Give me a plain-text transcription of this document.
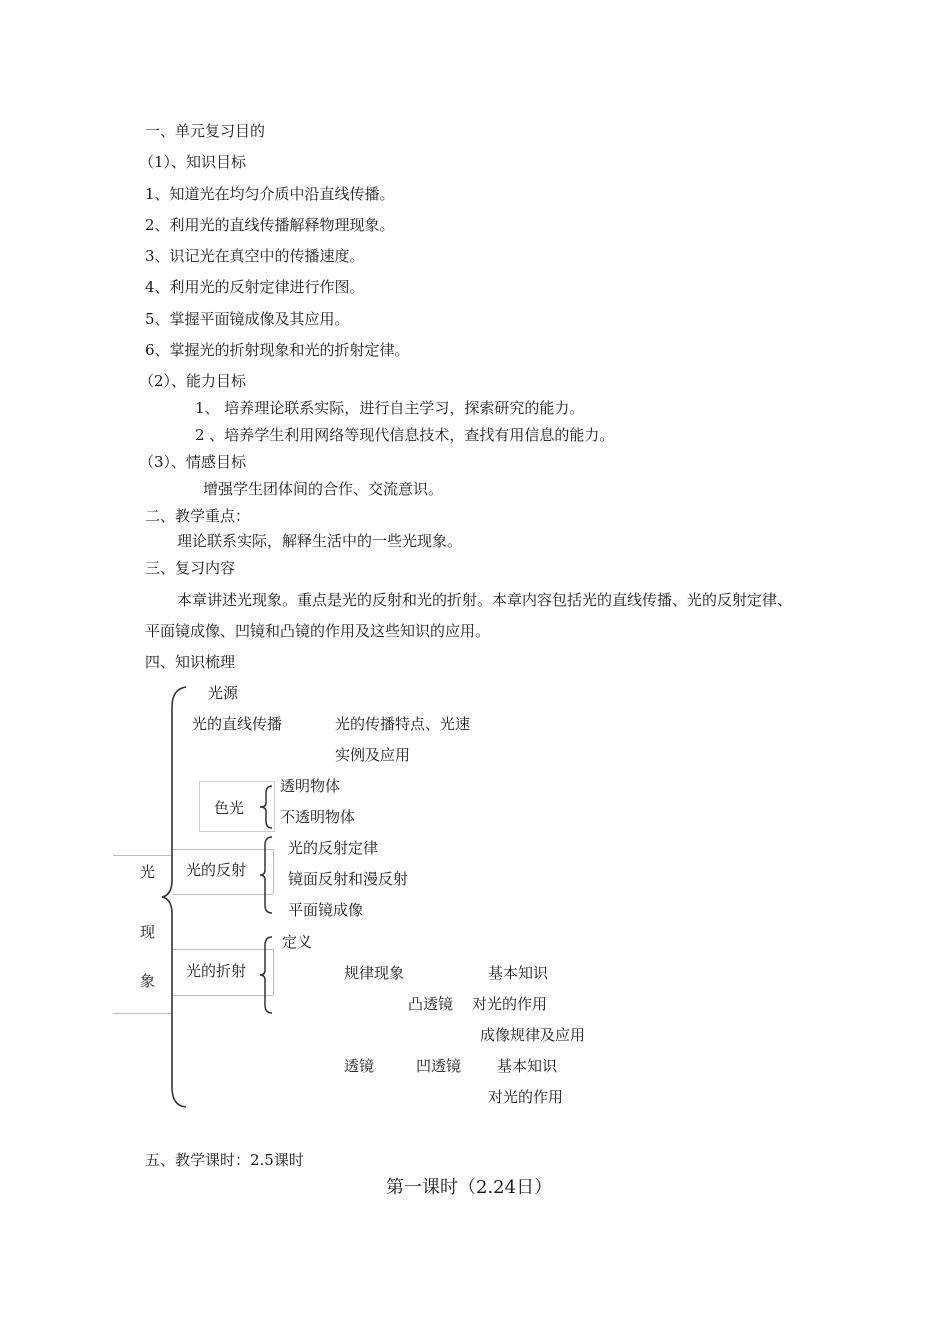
一、单元复习目的
（1）、知识目标
1、知道光在均匀介质中沿直线传播。
2、利用光的直线传播解释物理现象。
3、识记光在真空中的传播速度。
4、利用光的反射定律进行作图。
5、掌握平面镜成像及其应用。
6、掌握光的折射现象和光的折射定律。
（2）、能力目标
1、 培养理论联系实际，进行自主学习，探索研究的能力。
2 、培养学生利用网络等现代信息技术，查找有用信息的能力。
（3）、情感目标
增强学生团体间的合作、交流意识。
二、教学重点：
理论联系实际，解释生活中的一些光现象。
三、复习内容
本章讲述光现象。重点是光的反射和光的折射。本章内容包括光的直线传播、光的反射定律、
平面镜成像、凹镜和凸镜的作用及这些知识的应用。
四、知识梳理
光
现
象
光源
光的直线传播	光的传播特点、光速
实例及应用
色光
透明物体
不透明物体
光的反射
光的反射定律
镜面反射和漫反射
平面镜成像
光的折射
定义
规律现象	基本知识
凸透镜 对光的作用
成像规律及应用
透镜	凹透镜 基本知识
对光的作用
五、教学课时：2.5课时
第一课时（2.24日）
